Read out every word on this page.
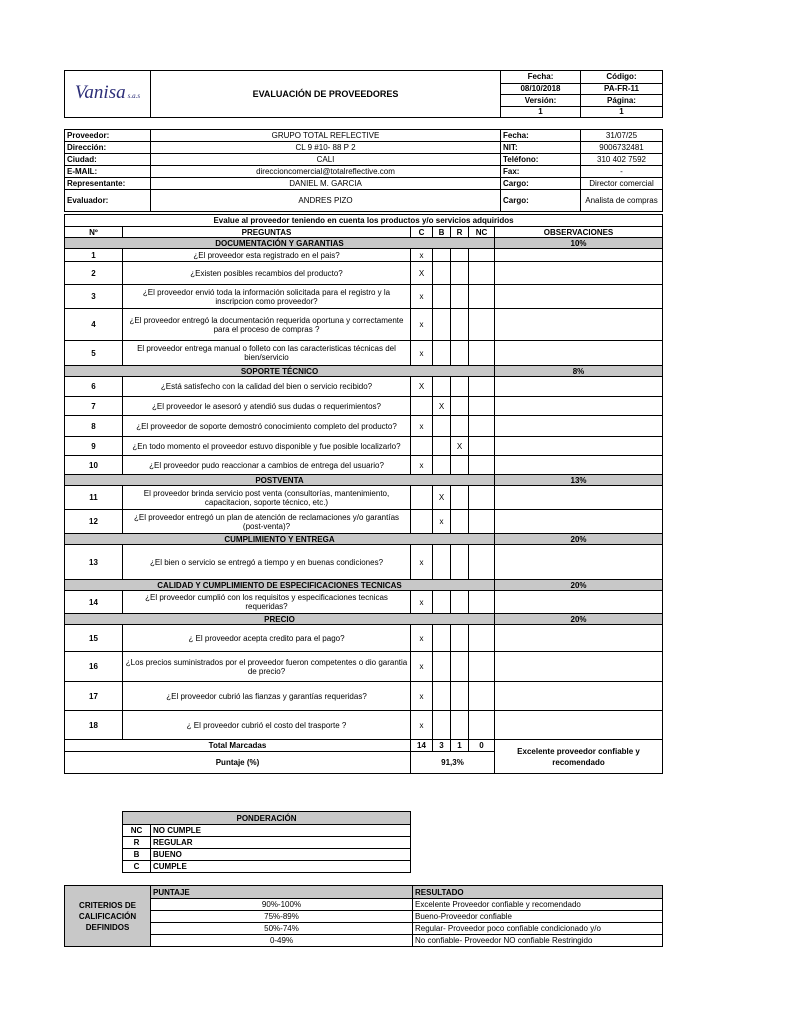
Vanisa s.a.s	EVALUACIÓN DE PROVEEDORES	Fecha:	Código:
		08/10/2018	PA-FR-11
		Versión:	Página:
		1	1
Proveedor:	GRUPO TOTAL REFLECTIVE	Fecha:	31/07/25
Dirección:	CL 9 #10- 88 P 2	NIT:	9006732481
Ciudad:	CALI	Teléfono:	310 402 7592
E-MAIL:	direccioncomercial@totalreflective.com	Fax:	-
Representante:	DANIEL M. GARCIA	Cargo:	Director comercial
Evaluador:	ANDRES PIZO	Cargo:	Analista de compras
Evalue al proveedor teniendo en cuenta los productos y/o servicios adquiridos						
Nº	PREGUNTAS	C	B	R	NC	OBSERVACIONES
DOCUMENTACIÓN Y GARANTIAS						10%
1	¿El proveedor esta registrado en el pais?	x				
2	¿Existen posibles recambios del producto?	X				
3	¿El proveedor envió toda la información solicitada para el registro y la inscripcion como proveedor?	x				
4	¿El proveedor entregó la documentación requerida oportuna y correctamente para el proceso de compras ?	x				
5	El proveedor entrega manual o folleto con las caracteristicas técnicas del bien/servicio	x				
SOPORTE TÉCNICO						8%
6	¿Está satisfecho con la calidad del bien o servicio recibido?	X				
7	¿El proveedor le asesoró y atendió sus dudas o requerimientos?		X			
8	¿El proveedor de soporte demostró conocimiento completo del producto?	x				
9	¿En todo momento el proveedor estuvo disponible y fue posible localizarlo?			X		
10	¿El proveedor pudo reaccionar a cambios de entrega del usuario?	x				
POSTVENTA						13%
11	El proveedor brinda servicio post venta (consultorías, mantenimiento, capacitacion, soporte técnico, etc.)		X			
12	¿El proveedor entregó un plan de atención de reclamaciones y/o garantías (post-venta)?		x			
CUMPLIMIENTO Y ENTREGA						20%
13	¿El bien o servicio se entregó a tiempo y en buenas condiciones?	x				
CALIDAD Y CUMPLIMIENTO DE ESPECIFICACIONES TECNICAS						20%
14	¿El proveedor cumplió con los requisitos y especificaciones tecnicas requeridas?	x				
PRECIO						20%
15	¿ El proveedor acepta credito para el pago?	x				
16	¿Los precios suministrados por el proveedor fueron competentes o dio garantia de precio?	x				
17	¿El proveedor cubrió las fianzas y garantías requeridas?	x				
18	¿ El proveedor cubrió el costo del trasporte ?	x				
Total Marcadas		14	3	1	0	Excelente proveedor confiable y recomendado
Puntaje (%)		91,3%				
PONDERACIÓN	
NC	NO CUMPLE
R	REGULAR
B	BUENO
C	CUMPLE
CRITERIOS DE CALIFICACIÓN DEFINIDOS	PUNTAJE	RESULTADO
	90%-100%	Excelente Proveedor confiable y recomendado
	75%-89%	Bueno-Proveedor confiable
	50%-74%	Regular- Proveedor poco confiable condicionado y/o
	0-49%	No confiable- Proveedor NO confiable Restringido
